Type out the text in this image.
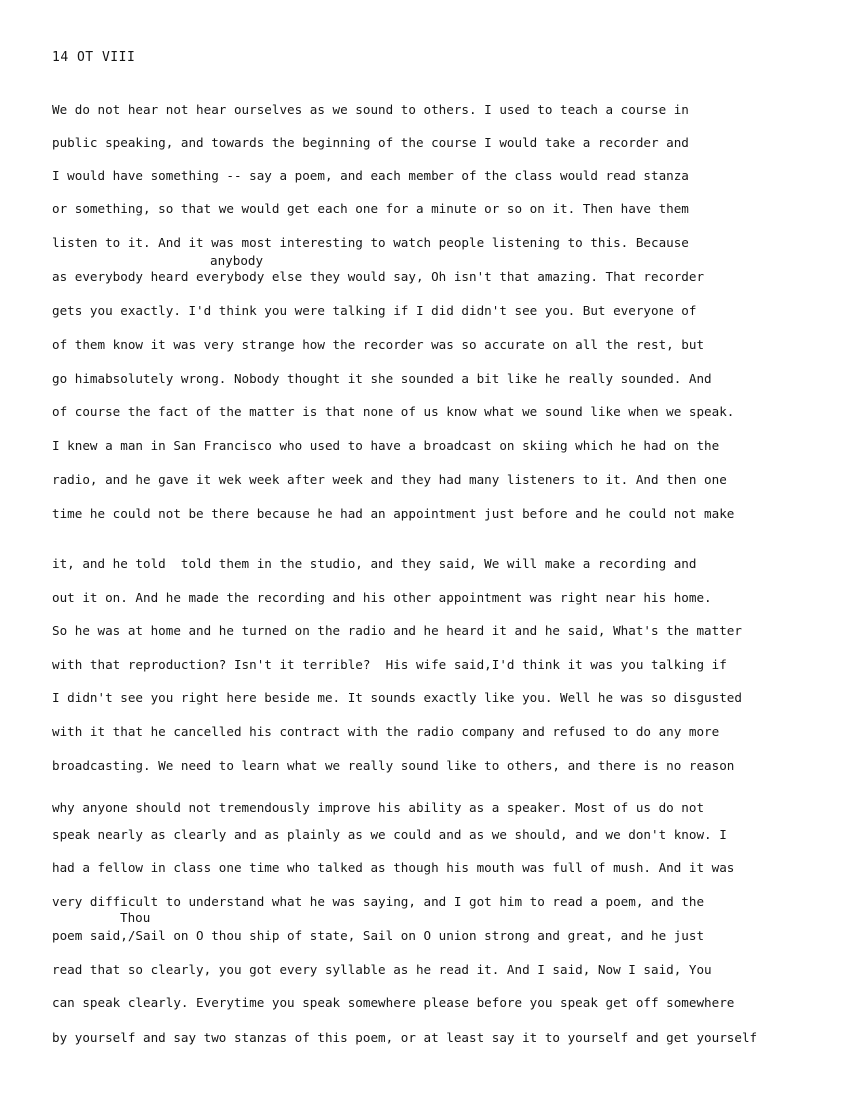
14 OT VIII
anybody
Thou
We do not hear not hear ourselves as we sound to others. I used to teach a course in
public speaking, and towards the beginning of the course I would take a recorder and
I would have something -- say a poem, and each member of the class would read stanza
or something, so that we would get each one for a minute or so on it. Then have them
listen to it. And it was most interesting to watch people listening to this. Because
as everybody heard everybody else they would say, Oh isn't that amazing. That recorder
gets you exactly. I'd think you were talking if I did didn't see you. But everyone of
of them know it was very strange how the recorder was so accurate on all the rest, but
go himabsolutely wrong. Nobody thought it she sounded a bit like he really sounded. And
of course the fact of the matter is that none of us know what we sound like when we speak.
I knew a man in San Francisco who used to have a broadcast on skiing which he had on the
radio, and he gave it wek week after week and they had many listeners to it. And then one
time he could not be there because he had an appointment just before and he could not make
it, and he told  told them in the studio, and they said, We will make a recording and
out it on. And he made the recording and his other appointment was right near his home.
So he was at home and he turned on the radio and he heard it and he said, What's the matter
with that reproduction? Isn't it terrible?  His wife said,I'd think it was you talking if
I didn't see you right here beside me. It sounds exactly like you. Well he was so disgusted
with it that he cancelled his contract with the radio company and refused to do any more
broadcasting. We need to learn what we really sound like to others, and there is no reason
why anyone should not tremendously improve his ability as a speaker. Most of us do not
speak nearly as clearly and as plainly as we could and as we should, and we don't know. I
had a fellow in class one time who talked as though his mouth was full of mush. And it was
very difficult to understand what he was saying, and I got him to read a poem, and the
poem said,/Sail on O thou ship of state, Sail on O union strong and great, and he just
read that so clearly, you got every syllable as he read it. And I said, Now I said, You
can speak clearly. Everytime you speak somewhere please before you speak get off somewhere
by yourself and say two stanzas of this poem, or at least say it to yourself and get yourself
